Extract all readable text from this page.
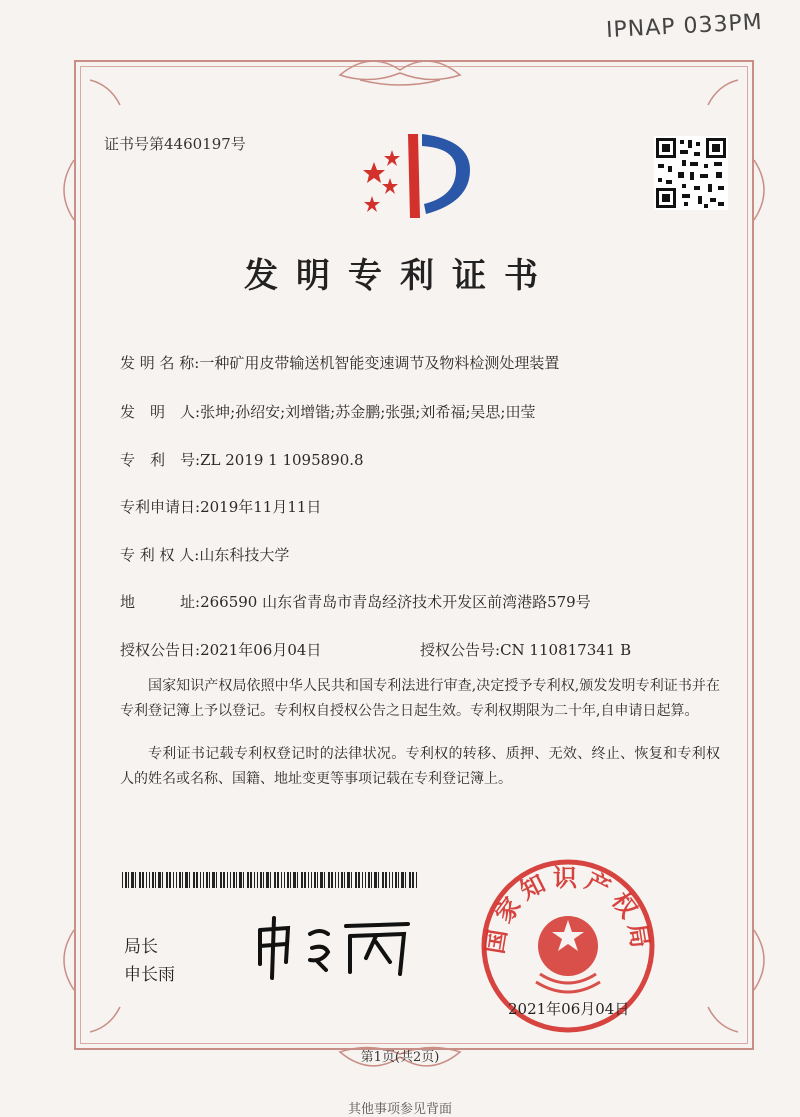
IPNAP 033PM
证书号第4460197号
发明专利证书
发 明 名 称:一种矿用皮带输送机智能变速调节及物料检测处理装置
发　明　人:张坤;孙绍安;刘增锴;苏金鹏;张强;刘希福;吴思;田莹
专　利　号:ZL 2019 1 1095890.8
专利申请日:2019年11月11日
专 利 权 人:山东科技大学
地　　　址:266590 山东省青岛市青岛经济技术开发区前湾港路579号
授权公告日:2021年06月04日	授权公告号:CN 110817341 B
国家知识产权局依照中华人民共和国专利法进行审查,决定授予专利权,颁发发明专利证书并在专利登记簿上予以登记。专利权自授权公告之日起生效。专利权期限为二十年,自申请日起算。
专利证书记载专利权登记时的法律状况。专利权的转移、质押、无效、终止、恢复和专利权人的姓名或名称、国籍、地址变更等事项记载在专利登记簿上。
局长
申长雨
国家知识产权局
2021年06月04日
第1页(共2页)
其他事项参见背面
